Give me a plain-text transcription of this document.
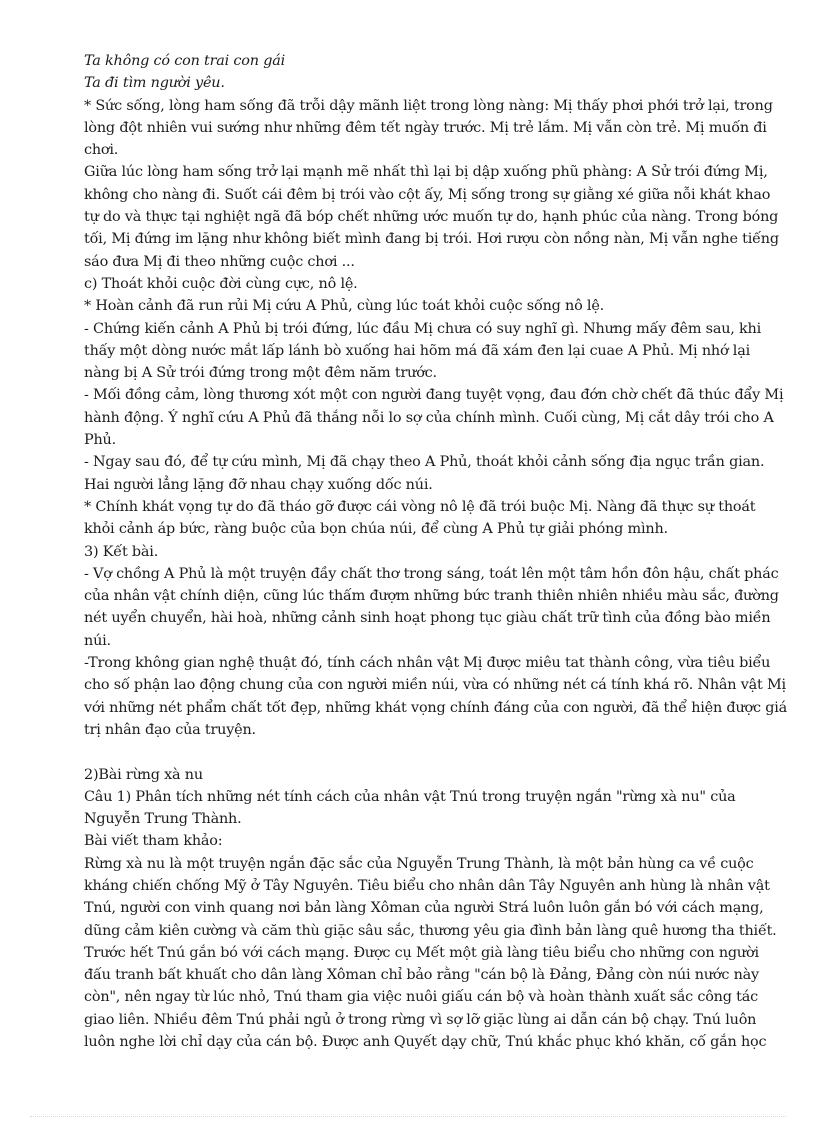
Ta không có con trai con gái
Ta đi tìm người yêu.
* Sức sống, lòng ham sống đã trỗi dậy mãnh liệt trong lòng nàng: Mị thấy phơi phới trở lại, trong
lòng đột nhiên vui sướng như những đêm tết ngày trước. Mị trẻ lắm. Mị vẫn còn trẻ. Mị muốn đi
chơi.
Giữa lúc lòng ham sống trở lại mạnh mẽ nhất thì lại bị dập xuống phũ phàng: A Sử trói đứng Mị,
không cho nàng đi. Suốt cái đêm bị trói vào cột ấy, Mị sống trong sự giằng xé giữa nỗi khát khao
tự do và thực tại nghiệt ngã đã bóp chết những ước muốn tự do, hạnh phúc của nàng. Trong bóng
tối, Mị đứng im lặng như không biết mình đang bị trói. Hơi rượu còn nồng nàn, Mị vẫn nghe tiếng
sáo đưa Mị đi theo những cuộc chơi ...
c) Thoát khỏi cuộc đời cùng cực, nô lệ.
* Hoàn cảnh đã run rủi Mị cứu A Phủ, cùng lúc toát khỏi cuộc sống nô lệ.
- Chứng kiến cảnh A Phủ bị trói đứng, lúc đầu Mị chưa có suy nghĩ gì. Nhưng mấy đêm sau, khi
thấy một dòng nước mắt lấp lánh bò xuống hai hõm má đã xám đen lại cuae A Phủ. Mị nhớ lại
nàng bị A Sử trói đứng trong một đêm năm trước.
- Mối đồng cảm, lòng thương xót một con người đang tuyệt vọng, đau đớn chờ chết đã thúc đẩy Mị
hành động. Ý nghĩ cứu A Phủ đã thắng nỗi lo sợ của chính mình. Cuối cùng, Mị cắt dây trói cho A
Phủ.
- Ngay sau đó, để tự cứu mình, Mị đã chạy theo A Phủ, thoát khỏi cảnh sống địa ngục trần gian.
Hai người lẳng lặng đỡ nhau chạy xuống dốc núi.
* Chính khát vọng tự do đã tháo gỡ được cái vòng nô lệ đã trói buộc Mị. Nàng đã thực sự thoát
khỏi cảnh áp bức, ràng buộc của bọn chúa núi, để cùng A Phủ tự giải phóng mình.
3) Kết bài.
- Vợ chồng A Phủ là một truyện đầy chất thơ trong sáng, toát lên một tâm hồn đôn hậu, chất phác
của nhân vật chính diện, cũng lúc thấm đượm những bức tranh thiên nhiên nhiều màu sắc, đường
nét uyển chuyển, hài hoà, những cảnh sinh hoạt phong tục giàu chất trữ tình của đồng bào miền
núi.
-Trong không gian nghệ thuật đó, tính cách nhân vật Mị được miêu tat thành công, vừa tiêu biểu
cho số phận lao động chung của con người miền núi, vừa có những nét cá tính khá rõ. Nhân vật Mị
với những nét phẩm chất tốt đẹp, những khát vọng chính đáng của con người, đã thể hiện được giá
trị nhân đạo của truyện.
2)Bài rừng xà nu
Câu 1) Phân tích những nét tính cách của nhân vật Tnú trong truyện ngắn "rừng xà nu" của
Nguyễn Trung Thành.
Bài viết tham khảo:
Rừng xà nu là một truyện ngắn đặc sắc của Nguyễn Trung Thành, là một bản hùng ca về cuộc
kháng chiến chống Mỹ ở Tây Nguyên. Tiêu biểu cho nhân dân Tây Nguyên anh hùng là nhân vật
Tnú, người con vinh quang nơi bản làng Xôman của người Strá luôn luôn gắn bó với cách mạng,
dũng cảm kiên cường và căm thù giặc sâu sắc, thương yêu gia đình bản làng quê hương tha thiết.
Trước hết Tnú gắn bó với cách mạng. Được cụ Mết một già làng tiêu biểu cho những con người
đấu tranh bất khuất cho dân làng Xôman chỉ bảo rằng "cán bộ là Đảng, Đảng còn núi nước này
còn", nên ngay từ lúc nhỏ, Tnú tham gia việc nuôi giấu cán bộ và hoàn thành xuất sắc công tác
giao liên. Nhiều đêm Tnú phải ngủ ở trong rừng vì sợ lỡ giặc lùng ai dẫn cán bộ chạy. Tnú luôn
luôn nghe lời chỉ dạy của cán bộ. Được anh Quyết dạy chữ, Tnú khắc phục khó khăn, cố gắn học
